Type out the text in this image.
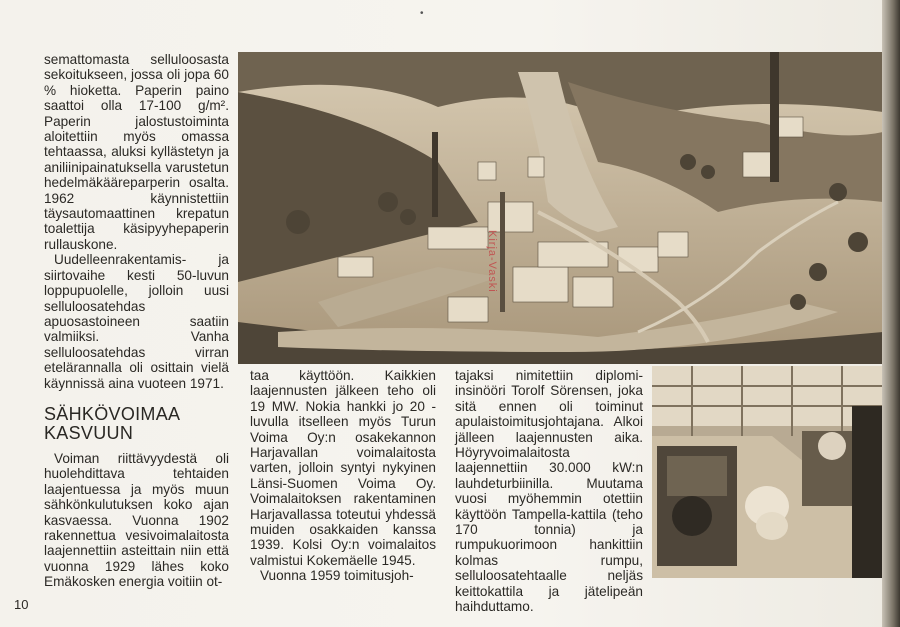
•

semattomasta selluloosasta sekoitukseen, jossa oli jopa 60 % hioketta. Paperin paino saattoi olla 17-100 g/m². Paperin jalostustoiminta aloitettiin myös omassa tehtaassa, aluksi kyllästetyn ja aniliinipainatuksella varustetun hedelmäkääreparperin osalta. 1962 käynnistettiin täysautomaattinen krepatun toalettija käsipyyhepaperin rullauskone.

Uudelleenrakentamis- ja siirtovaihe kesti 50-luvun loppupuolelle, jolloin uusi selluloosatehdas apuosastoineen saatiin valmiiksi. Vanha selluloosatehdas virran etelärannalla oli osittain vielä käynnissä aina vuoteen 1971.

SÄHKÖVOIMAA KASVUUN

Voiman riittävyydestä oli huolehdittava tehtaiden laajentuessa ja myös muun sähkönkulutuksen koko ajan kasvaessa. Vuonna 1902 rakennettua vesivoimalaitosta laajennettiin asteittain niin että vuonna 1929 lähes koko Emäkosken energia voitiin ot-

Kirja-Vaski

taa käyttöön. Kaikkien laajennusten jälkeen teho oli 19 MW. Nokia hankki jo 20 -luvulla itselleen myös Turun Voima Oy:n osakekannon Harjavallan voimalaitosta varten, jolloin syntyi nykyinen Länsi-Suomen Voima Oy. Voimalaitoksen rakentaminen Harjavallassa toteutui yhdessä muiden osakkaiden kanssa 1939. Kolsi Oy:n voimalaitos valmistui Kokemäelle 1945.

Vuonna 1959 toimitusjoh-

tajaksi nimitettiin diplomi-insinööri Torolf Sörensen, joka sitä ennen oli toiminut apulaistoimitusjohtajana. Alkoi jälleen laajennusten aika. Höyryvoimalaitosta laajennettiin 30.000 kW:n lauhdeturbiinilla. Muutama vuosi myöhemmin otettiin käyttöön Tampella-kattila (teho 170 tonnia) ja rumpukuorimoon hankittiin kolmas rumpu, selluloosatehtaalle neljäs keittokattila ja jätelipeän haihduttamo.

10
